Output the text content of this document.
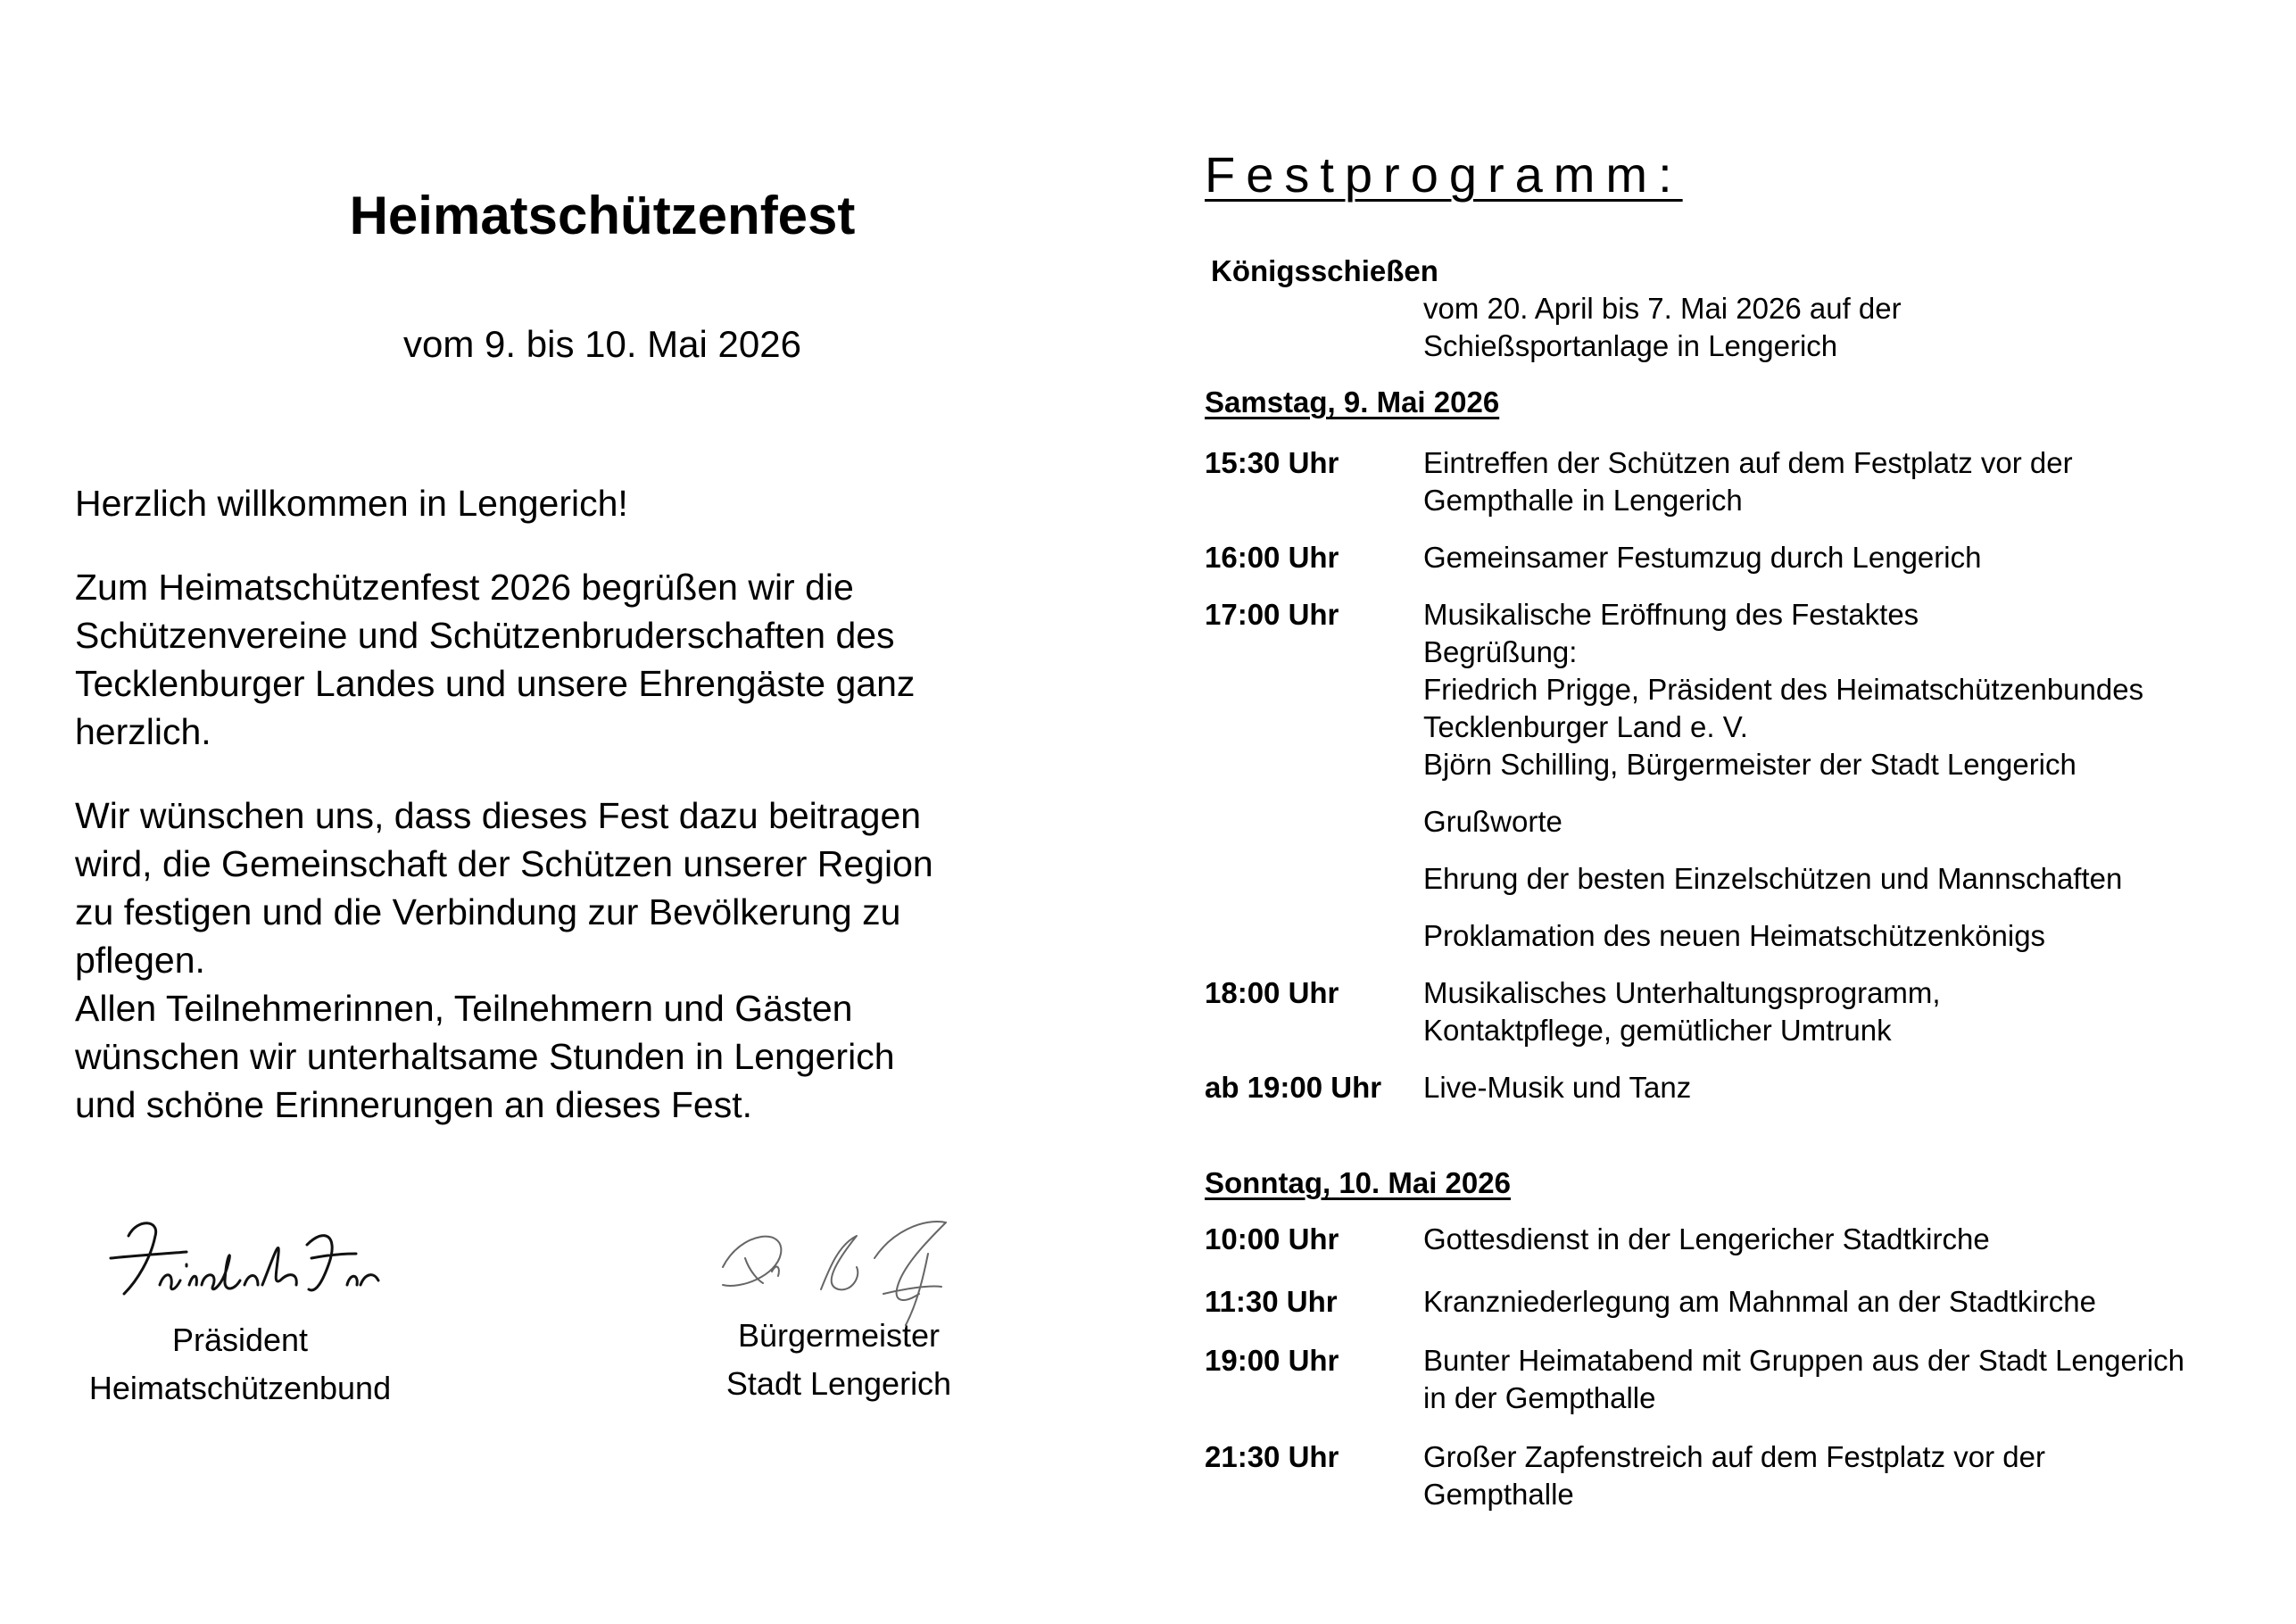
Heimatschützenfest
vom 9. bis 10. Mai 2026

Herzlich willkommen in Lengerich!

Zum Heimatschützenfest 2026 begrüßen wir die
Schützenvereine und Schützenbruderschaften des
Tecklenburger Landes und unsere Ehrengäste ganz
herzlich.

Wir wünschen uns, dass dieses Fest dazu beitragen
wird, die Gemeinschaft der Schützen unserer Region
zu festigen und die Verbindung zur Bevölkerung zu
pflegen.

Allen Teilnehmerinnen, Teilnehmern und Gästen
wünschen wir unterhaltsame Stunden in Lengerich
und schöne Erinnerungen an dieses Fest.

Präsident
Heimatschützenbund
Bürgermeister
Stadt Lengerich
Festprogramm:
Königsschießen
vom 20. April bis 7. Mai 2026 auf der
Schießsportanlage in Lengerich
Samstag, 9. Mai 2026
15:30 Uhr	Eintreffen der Schützen auf dem Festplatz vor der
Gempthalle in Lengerich
16:00 Uhr	Gemeinsamer Festumzug durch Lengerich
17:00 Uhr	Musikalische Eröffnung des Festaktes
Begrüßung:
Friedrich Prigge, Präsident des Heimatschützenbundes
Tecklenburger Land e. V.
Björn Schilling, Bürgermeister der Stadt Lengerich
Grußworte
Ehrung der besten Einzelschützen und Mannschaften
Proklamation des neuen Heimatschützenkönigs
18:00 Uhr	Musikalisches Unterhaltungsprogramm,
Kontaktpflege, gemütlicher Umtrunk
ab 19:00 Uhr	Live-Musik und Tanz
Sonntag, 10. Mai 2026
10:00 Uhr	Gottesdienst in der Lengericher Stadtkirche
11:30 Uhr	Kranzniederlegung am Mahnmal an der Stadtkirche
19:00 Uhr	Bunter Heimatabend mit Gruppen aus der Stadt Lengerich
in der Gempthalle
21:30 Uhr	Großer Zapfenstreich auf dem Festplatz vor der
Gempthalle
